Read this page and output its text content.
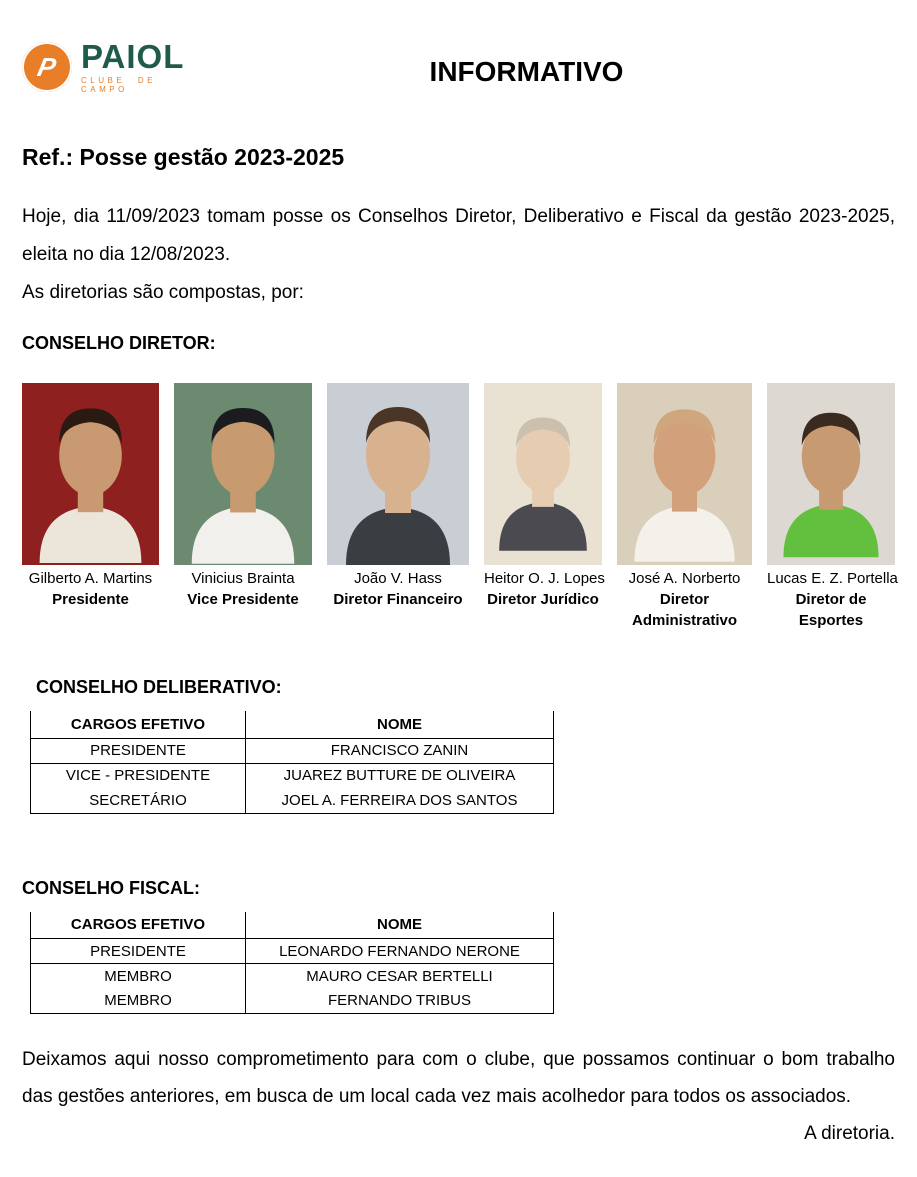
P PAIOL
CLUBE DE CAMPO
INFORMATIVO
Ref.: Posse gestão 2023-2025

Hoje, dia 11/09/2023 tomam posse os Conselhos Diretor, Deliberativo e Fiscal da gestão 2023-2025, eleita no dia 12/08/2023.

As diretorias são compostas, por:

CONSELHO DIRETOR:
Gilberto A. Martins
Presidente
Vinicius Brainta
Vice Presidente
João V. Hass
Diretor Financeiro
Heitor O. J. Lopes
Diretor Jurídico
José A. Norberto
Diretor Administrativo
Lucas E. Z. Portella
Diretor de Esportes
CONSELHO DELIBERATIVO:
CARGOS EFETIVO	NOME
PRESIDENTE	FRANCISCO ZANIN
VICE - PRESIDENTE	JUAREZ BUTTURE DE OLIVEIRA
SECRETÁRIO	JOEL A. FERREIRA DOS SANTOS
CONSELHO FISCAL:
CARGOS EFETIVO	NOME
PRESIDENTE	LEONARDO FERNANDO NERONE
MEMBRO	MAURO CESAR BERTELLI
MEMBRO	FERNANDO TRIBUS

Deixamos aqui nosso comprometimento para com o clube, que possamos continuar o bom trabalho das gestões anteriores, em busca de um local cada vez mais acolhedor para todos os associados.

A diretoria.
